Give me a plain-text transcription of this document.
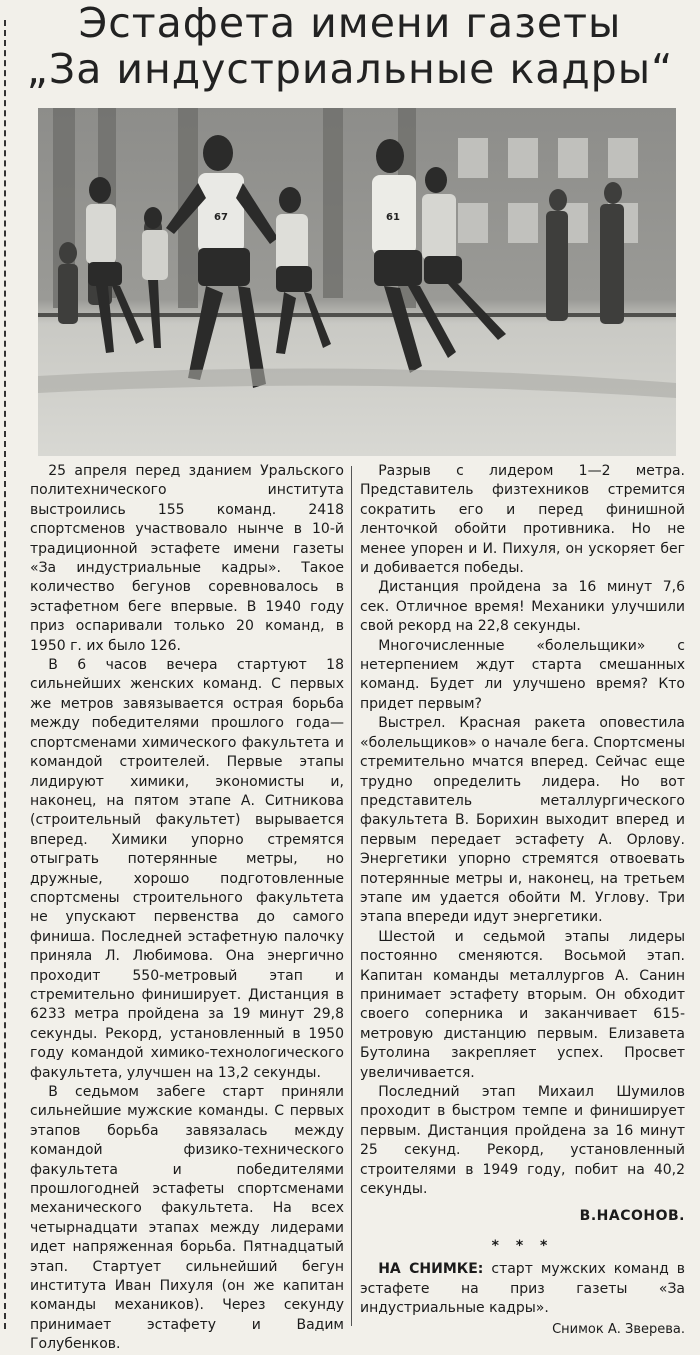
Эстафета имени газеты
„За индустриальные кадры“
67	61

25 апреля перед зданием Уральского политехнического института выстроились 155 команд. 2418 спортсменов участвовало нынче в 10-й традиционной эстафете имени газеты «За индустриальные кадры». Такое количество бегунов соревновалось в эстафетном беге впервые. В 1940 году приз оспаривали только 20 команд, в 1950 г. их было 126.

В 6 часов вечера стартуют 18 сильнейших женских команд. С первых же метров завязывается острая борьба между победителями прошлого года— спортсменами химического факультета и командой строителей. Первые этапы лидируют химики, экономисты и, наконец, на пятом этапе А. Ситникова (строительный факультет) вырывается вперед. Химики упорно стремятся отыграть потерянные метры, но дружные, хорошо подготовленные спортсмены строительного факультета не упускают первенства до самого финиша. Последней эстафетную палочку приняла Л. Любимова. Она энергично проходит 550-метровый этап и стремительно финиширует. Дистанция в 6233 метра пройдена за 19 минут 29,8 секунды. Рекорд, установленный в 1950 году командой химико-технологического факультета, улучшен на 13,2 секунды.

В седьмом забеге старт приняли сильнейшие мужские команды. С первых этапов борьба завязалась между командой физико-технического факультета и победителями прошлогодней эстафеты спортсменами механического факультета. На всех четырнадцати этапах между лидерами идет напряженная борьба. Пятнадцатый этап. Стартует сильнейший бегун института Иван Пихуля (он же капитан команды механиков). Через секунду принимает эстафету и Вадим Голубенков.

Разрыв с лидером 1—2 метра. Представитель физтехников стремится сократить его и перед финишной ленточкой обойти противника. Но не менее упорен и И. Пихуля, он ускоряет бег и добивается победы.

Дистанция пройдена за 16 минут 7,6 сек. Отличное время! Механики улучшили свой рекорд на 22,8 секунды.

Многочисленные «болельщики» с нетерпением ждут старта смешанных команд. Будет ли улучшено время? Кто придет первым?

Выстрел. Красная ракета оповестила «болельщиков» о начале бега. Спортсмены стремительно мчатся вперед. Сейчас еще трудно определить лидера. Но вот представитель металлургического факультета В. Борихин выходит вперед и первым передает эстафету А. Орлову. Энергетики упорно стремятся отвоевать потерянные метры и, наконец, на третьем этапе им удается обойти М. Углову. Три этапа впереди идут энергетики.

Шестой и седьмой этапы лидеры постоянно сменяются. Восьмой этап. Капитан команды металлургов А. Санин принимает эстафету вторым. Он обходит своего соперника и заканчивает 615-метровую дистанцию первым. Елизавета Бутолина закрепляет успех. Просвет увеличивается.

Последний этап Михаил Шумилов проходит в быстром темпе и финиширует первым. Дистанция пройдена за 16 минут 25 секунд. Рекорд, установленный строителями в 1949 году, побит на 40,2 секунды.

В.НАСОНОВ.
* * *

НА СНИМКЕ: старт мужских команд в эстафете на приз газеты «За индустриальные кадры».

Снимок А. Зверева.
